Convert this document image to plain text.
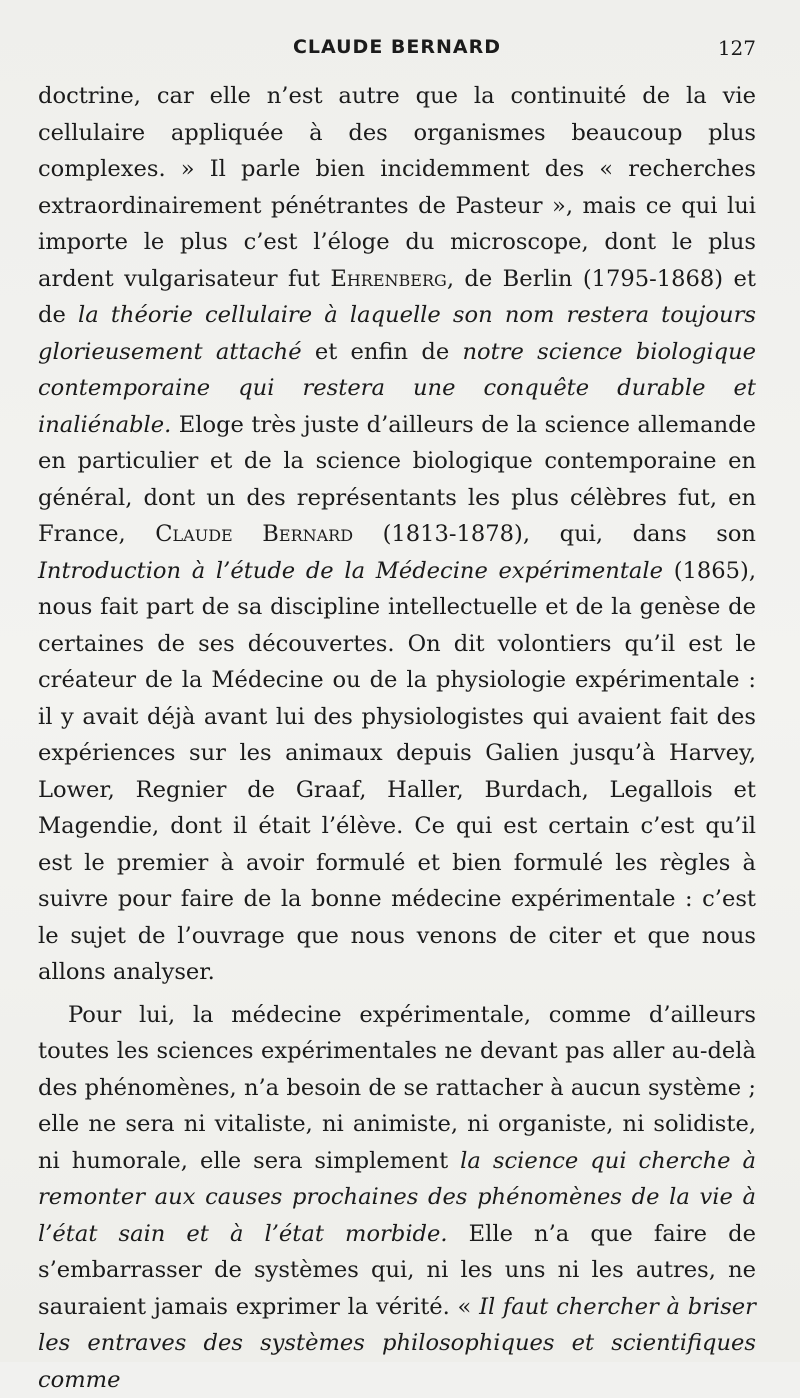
CLAUDE BERNARD	127

doctrine, car elle n’est autre que la continuité de la vie cellulaire appliquée à des organismes beaucoup plus complexes. » Il parle bien incidemment des « recherches extraordinairement pénétrantes de Pasteur », mais ce qui lui importe le plus c’est l’éloge du microscope, dont le plus ardent vulgarisateur fut Ehrenberg, de Berlin (1795-1868) et de la théorie cellulaire à laquelle son nom restera toujours glorieusement attaché et enfin de notre science biologique contemporaine qui restera une conquête durable et inaliénable. Eloge très juste d’ailleurs de la science allemande en particulier et de la science biologique contemporaine en général, dont un des représentants les plus célèbres fut, en France, Claude Bernard (1813-1878), qui, dans son Introduction à l’étude de la Médecine expérimentale (1865), nous fait part de sa discipline intellectuelle et de la genèse de certaines de ses découvertes. On dit volontiers qu’il est le créateur de la Médecine ou de la physiologie expérimentale : il y avait déjà avant lui des physiologistes qui avaient fait des expériences sur les animaux depuis Galien jusqu’à Harvey, Lower, Regnier de Graaf, Haller, Burdach, Legallois et Magendie, dont il était l’élève. Ce qui est certain c’est qu’il est le premier à avoir formulé et bien formulé les règles à suivre pour faire de la bonne médecine expérimentale : c’est le sujet de l’ouvrage que nous venons de citer et que nous allons analyser.

Pour lui, la médecine expérimentale, comme d’ailleurs toutes les sciences expérimentales ne devant pas aller au-delà des phénomènes, n’a besoin de se rattacher à aucun système ; elle ne sera ni vitaliste, ni animiste, ni organiste, ni solidiste, ni humorale, elle sera simplement la science qui cherche à remonter aux causes prochaines des phénomènes de la vie à l’état sain et à l’état morbide. Elle n’a que faire de s’embarrasser de systèmes qui, ni les uns ni les autres, ne sauraient jamais exprimer la vérité. « Il faut chercher à briser les entraves des systèmes philosophiques et scientifiques comme
